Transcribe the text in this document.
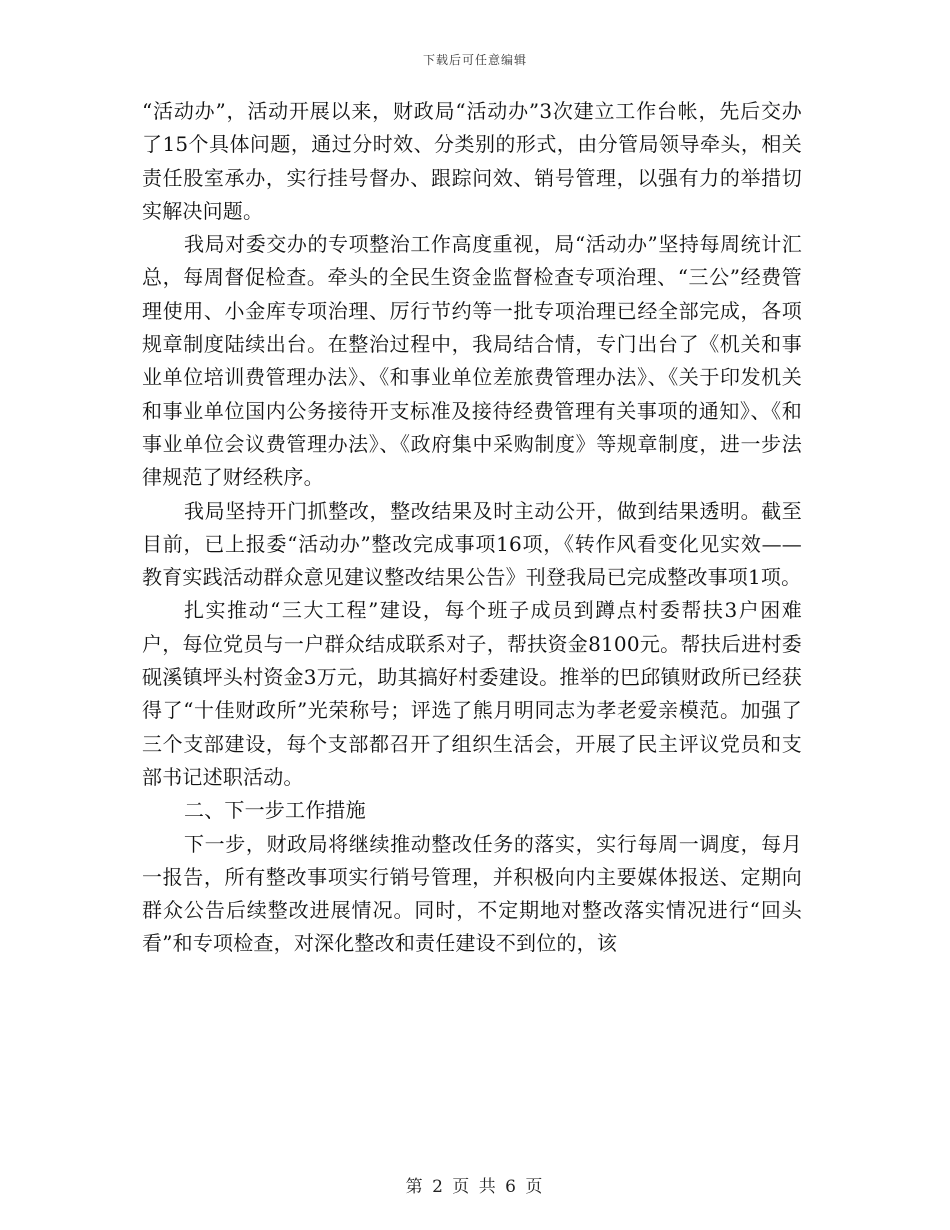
下载后可任意编辑

“活动办”，活动开展以来，财政局“活动办”3次建立工作台帐，先后交办了15个具体问题，通过分时效、分类别的形式，由分管局领导牵头，相关责任股室承办，实行挂号督办、跟踪问效、销号管理，以强有力的举措切实解决问题。

我局对委交办的专项整治工作高度重视，局“活动办”坚持每周统计汇总，每周督促检查。牵头的全民生资金监督检查专项治理、“三公”经费管理使用、小金库专项治理、厉行节约等一批专项治理已经全部完成，各项规章制度陆续出台。在整治过程中，我局结合情，专门出台了《机关和事业单位培训费管理办法》、《和事业单位差旅费管理办法》、《关于印发机关和事业单位国内公务接待开支标准及接待经费管理有关事项的通知》、《和事业单位会议费管理办法》、《政府集中采购制度》等规章制度，进一步法律规范了财经秩序。

我局坚持开门抓整改，整改结果及时主动公开，做到结果透明。截至目前，已上报委“活动办”整改完成事项16项，《转作风看变化见实效——教育实践活动群众意见建议整改结果公告》刊登我局已完成整改事项1项。

扎实推动“三大工程”建设，每个班子成员到蹲点村委帮扶3户困难户，每位党员与一户群众结成联系对子，帮扶资金8100元。帮扶后进村委砚溪镇坪头村资金3万元，助其搞好村委建设。推举的巴邱镇财政所已经获得了“十佳财政所”光荣称号；评选了熊月明同志为孝老爱亲模范。加强了三个支部建设，每个支部都召开了组织生活会，开展了民主评议党员和支部书记述职活动。

二、下一步工作措施

下一步，财政局将继续推动整改任务的落实，实行每周一调度，每月一报告，所有整改事项实行销号管理，并积极向内主要媒体报送、定期向群众公告后续整改进展情况。同时，不定期地对整改落实情况进行“回头看”和专项检查，对深化整改和责任建设不到位的，该

第 2 页 共 6 页
